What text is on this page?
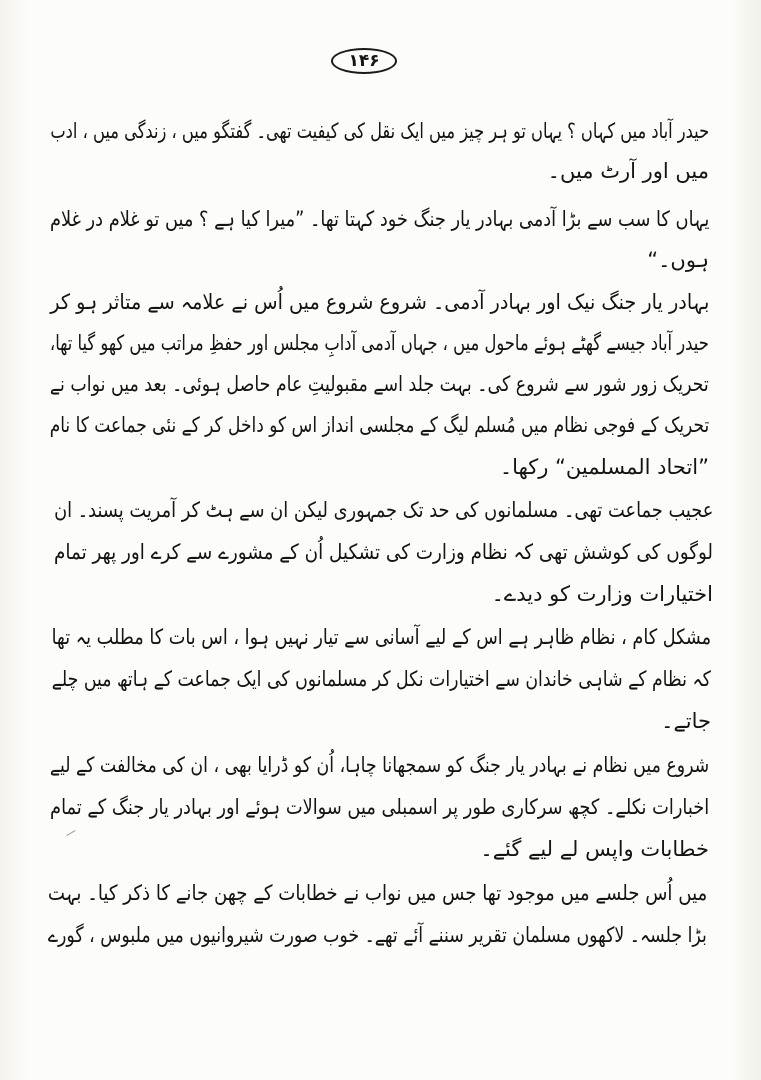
۱۴۶
حیدر آباد میں کہاں ؟ یہاں تو ہر چیز میں ایک نقل کی کیفیت تھی۔ گفتگو میں ، زندگی میں ، ادب
میں اور آرٹ میں۔
یہاں کا سب سے بڑا آدمی بہادر یار جنگ خود کہتا تھا۔ ”میرا کیا ہے ؟ میں تو غلام در غلام
ہوں۔“
بہادر یار جنگ نیک اور بہادر آدمی۔ شروع شروع میں اُس نے علامہ سے متاثر ہو کر
حیدر آباد جیسے گھٹے ہوئے ماحول میں ، جہاں آدمی آدابِ مجلس اور حفظِ مراتب میں کھو گیا تھا،
تحریک زور شور سے شروع کی۔ بہت جلد اسے مقبولیتِ عام حاصل ہوئی۔ بعد میں نواب نے
تحریک کے فوجی نظام میں مُسلم لیگ کے مجلسی انداز اس کو داخل کر کے نئی جماعت کا نام
”اتحاد المسلمین“ رکھا۔
عجیب جماعت تھی۔ مسلمانوں کی حد تک جمہوری لیکن ان سے ہٹ کر آمریت پسند۔ ان
لوگوں کی کوشش تھی کہ نظام وزارت کی تشکیل اُن کے مشورے سے کرے اور پھر تمام
اختیارات وزارت کو دیدے۔
مشکل کام ، نظام ظاہر ہے اس کے لیے آسانی سے تیار نہیں ہوا ، اس بات کا مطلب یہ تھا
کہ نظام کے شاہی خاندان سے اختیارات نکل کر مسلمانوں کی ایک جماعت کے ہاتھ میں چلے
جاتے۔
شروع میں نظام نے بہادر یار جنگ کو سمجھانا چاہا، اُن کو ڈرایا بھی ، ان کی مخالفت کے لیے
اخبارات نکلے۔ کچھ سرکاری طور پر اسمبلی میں سوالات ہوئے اور بہادر یار جنگ کے تمام
خطابات واپس لے لیے گئے۔
میں اُس جلسے میں موجود تھا جس میں نواب نے خطابات کے چھن جانے کا ذکر کیا۔ بہت
بڑا جلسہ۔ لاکھوں مسلمان تقریر سننے آئے تھے۔ خوب صورت شیروانیوں میں ملبوس ، گورے
